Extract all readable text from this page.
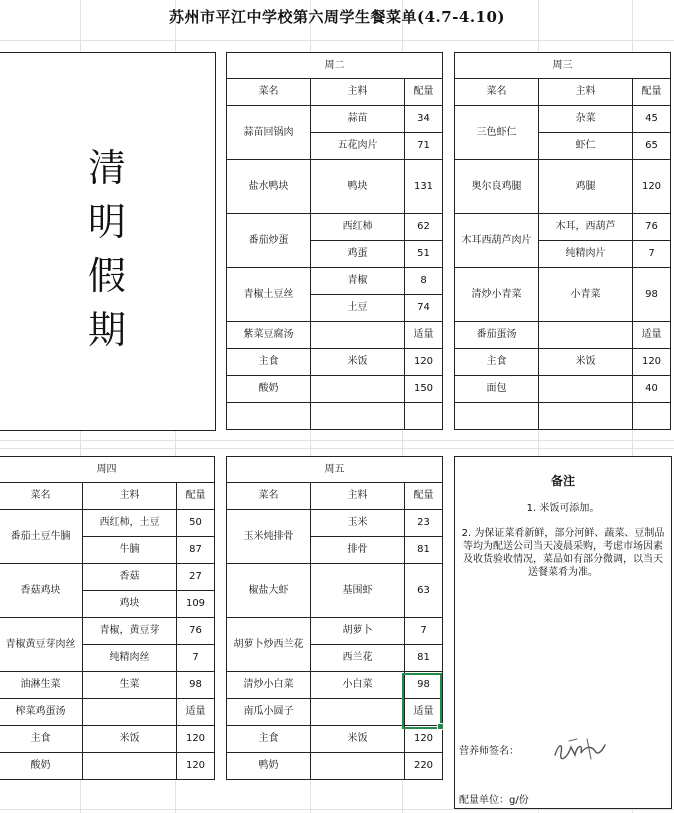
苏州市平江中学校第六周学生餐菜单(4.7-4.10)
清
明
假
期
周二		
菜名	主料	配量
蒜苗回锅肉	蒜苗	34
	五花肉片	71
盐水鸭块	鸭块	131
番茄炒蛋	西红柿	62
	鸡蛋	51
青椒土豆丝	青椒	8
	土豆	74
紫菜豆腐汤		适量
主食	米饭	120
酸奶		150

周三		
菜名	主料	配量
三色虾仁	杂菜	45
	虾仁	65
奥尔良鸡腿	鸡腿	120
木耳西葫芦肉片	木耳，西葫芦	76
	纯精肉片	7
清炒小青菜	小青菜	98
番茄蛋汤		适量
主食	米饭	120
面包		40

周四		
菜名	主料	配量
番茄土豆牛腩	西红柿，土豆	50
	牛腩	87
香菇鸡块	香菇	27
	鸡块	109
青椒黄豆芽肉丝	青椒，黄豆芽	76
	纯精肉丝	7
油淋生菜	生菜	98
榨菜鸡蛋汤		适量
主食	米饭	120
酸奶		120
周五		
菜名	主料	配量
玉米炖排骨	玉米	23
	排骨	81
椒盐大虾	基围虾	63
胡萝卜炒西兰花	胡萝卜	7
	西兰花	81
清炒小白菜	小白菜	98
南瓜小圆子		适量
主食	米饭	120
鸭奶		220
备注
1. 米饭可添加。
2. 为保证菜肴新鲜，部分河鲜、蔬菜、豆制品等均为配送公司当天凌晨采购，考虑市场因素及收货验收情况，菜品如有部分微调，以当天送餐菜肴为准。
营养师签名：
配量单位：g/份
